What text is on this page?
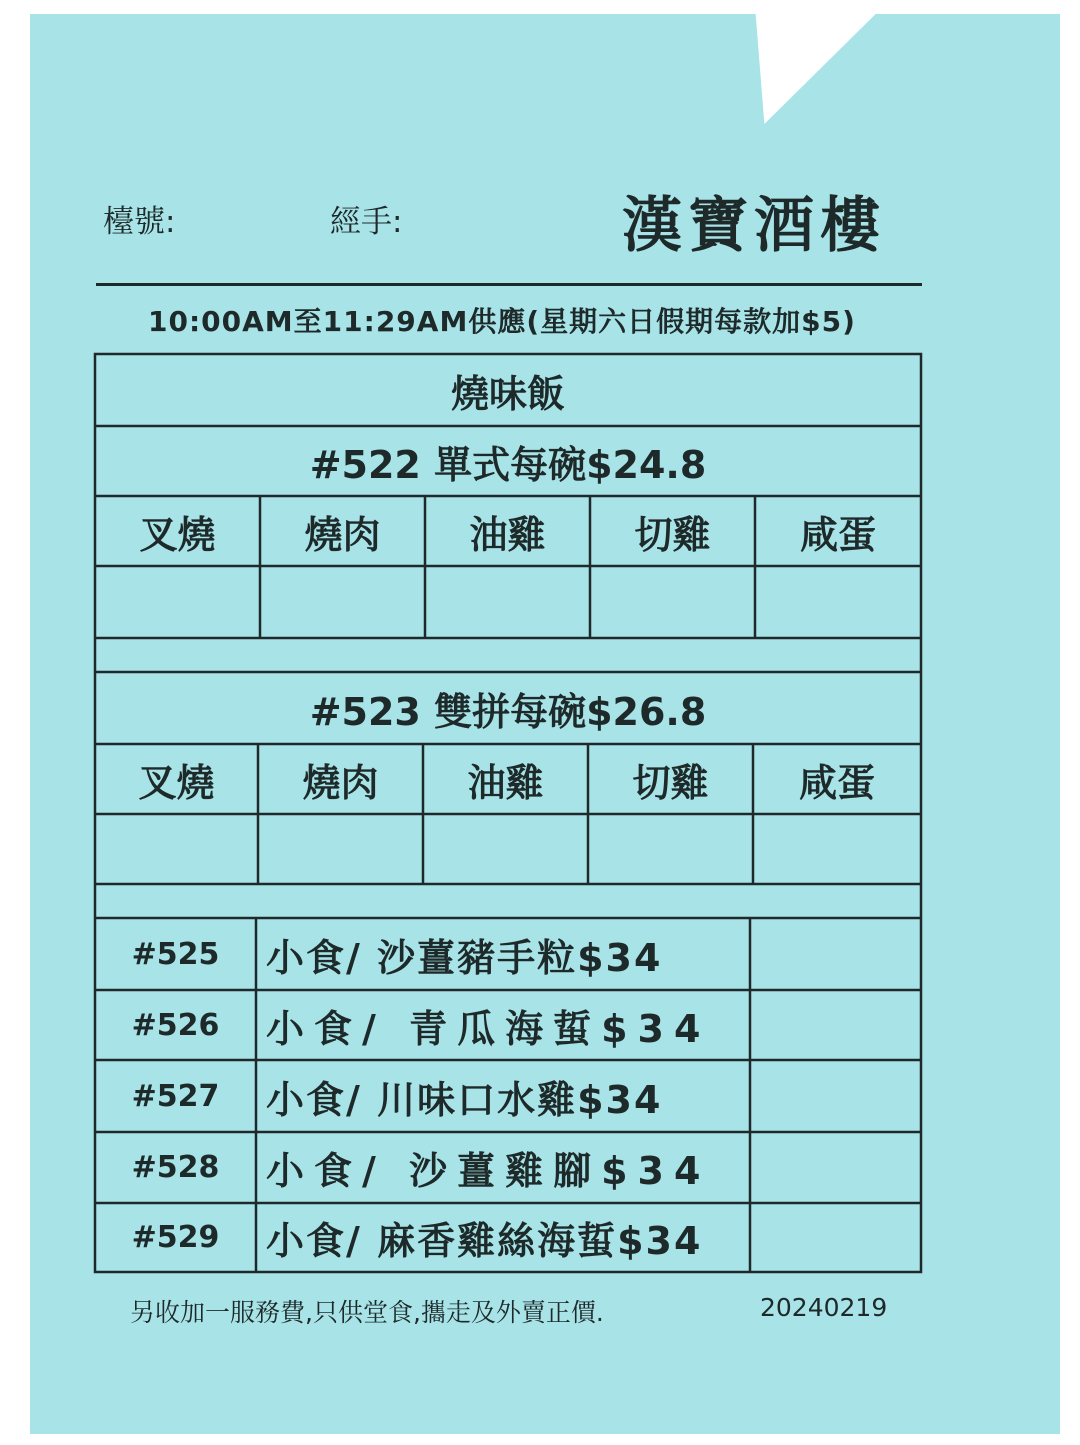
檯號:	經手:	漢寶酒樓
10:00AM至11:29AM供應(星期六日假期每款加$5)
燒味飯
#522 單式每碗$24.8
叉燒	燒肉	油雞	切雞	咸蛋
#523 雙拼每碗$26.8
叉燒	燒肉	油雞	切雞	咸蛋
#525	小食/ 沙薑豬手粒$34
#526	小食/ 青瓜海蜇$34
#527	小食/ 川味口水雞$34
#528	小食/ 沙薑雞腳$34
#529	小食/ 麻香雞絲海蜇$34
另收加一服務費,只供堂食,攜走及外賣正價.	20240219
